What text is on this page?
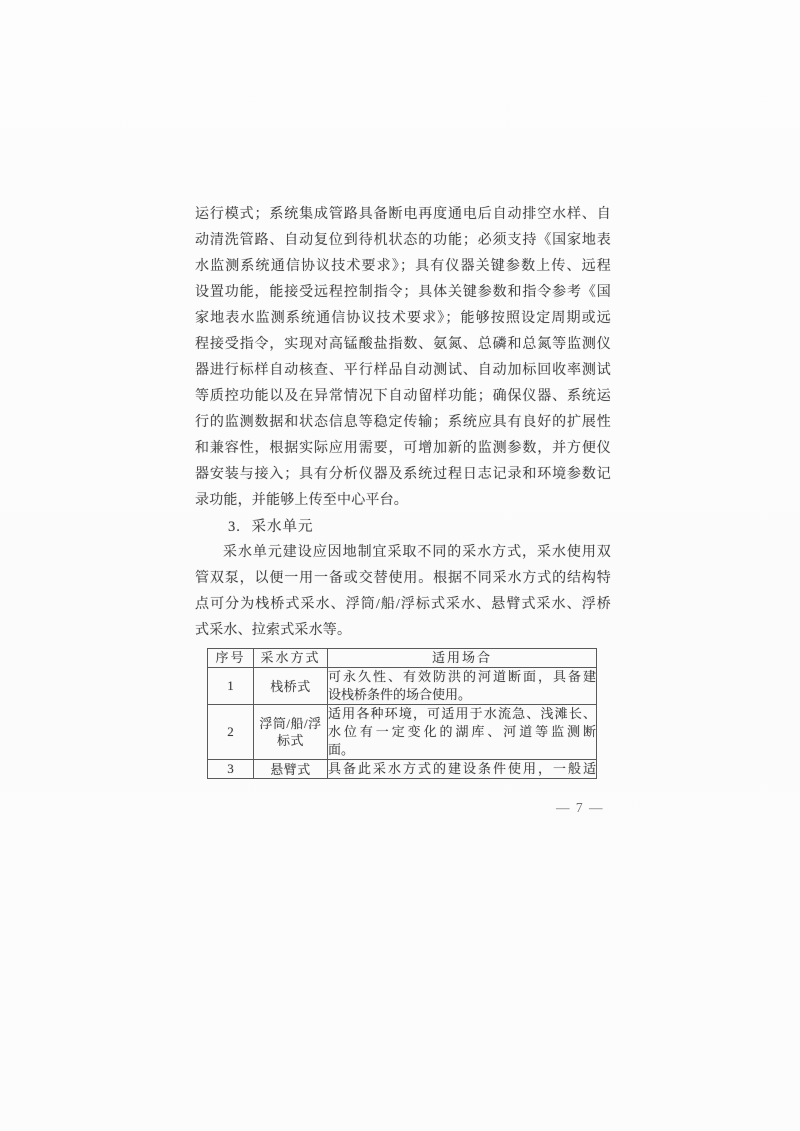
运行模式；系统集成管路具备断电再度通电后自动排空水样、自
动清洗管路、自动复位到待机状态的功能；必须支持《国家地表
水监测系统通信协议技术要求》；具有仪器关键参数上传、远程
设置功能，能接受远程控制指令；具体关键参数和指令参考《国
家地表水监测系统通信协议技术要求》；能够按照设定周期或远
程接受指令，实现对高锰酸盐指数、氨氮、总磷和总氮等监测仪
器进行标样自动核查、平行样品自动测试、自动加标回收率测试
等质控功能以及在异常情况下自动留样功能；确保仪器、系统运
行的监测数据和状态信息等稳定传输；系统应具有良好的扩展性
和兼容性，根据实际应用需要，可增加新的监测参数，并方便仪
器安装与接入；具有分析仪器及系统过程日志记录和环境参数记
录功能，并能够上传至中心平台。
3. 采水单元
采水单元建设应因地制宜采取不同的采水方式，采水使用双
管双泵，以便一用一备或交替使用。根据不同采水方式的结构特
点可分为栈桥式采水、浮筒/船/浮标式采水、悬臂式采水、浮桥
式采水、拉索式采水等。
序号	采水方式	适用场合
1	栈桥式	可永久性、有效防洪的河道断面，具备建
设栈桥条件的场合使用。

2	浮筒/船/浮标式	适用各种环境，可适用于水流急、浅滩长、
水位有一定变化的湖库、河道等监测断
面。

3	悬臂式	具备此采水方式的建设条件使用，一般适
— 7 —
